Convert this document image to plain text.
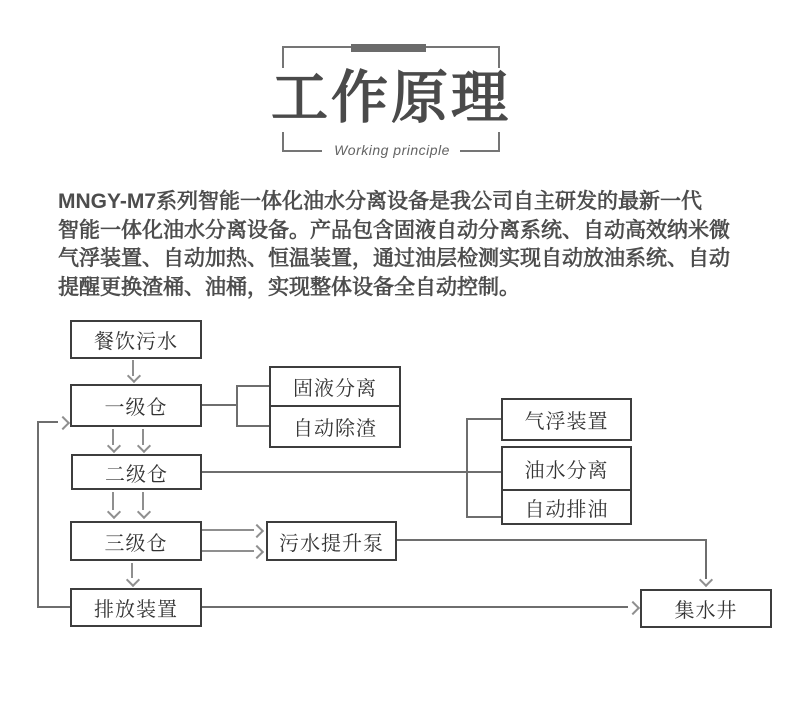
工作原理
Working principle
MNGY-M7系列智能一体化油水分离设备是我公司自主研发的最新一代
智能一体化油水分离设备。产品包含固液自动分离系统、自动高效纳米微
气浮装置、自动加热、恒温装置，通过油层检测实现自动放油系统、自动
提醒更换渣桶、油桶，实现整体设备全自动控制。
餐饮污水
一级仓
固液分离
自动除渣
二级仓
气浮装置
油水分离
自动排油
三级仓	污水提升泵
排放装置	集水井
